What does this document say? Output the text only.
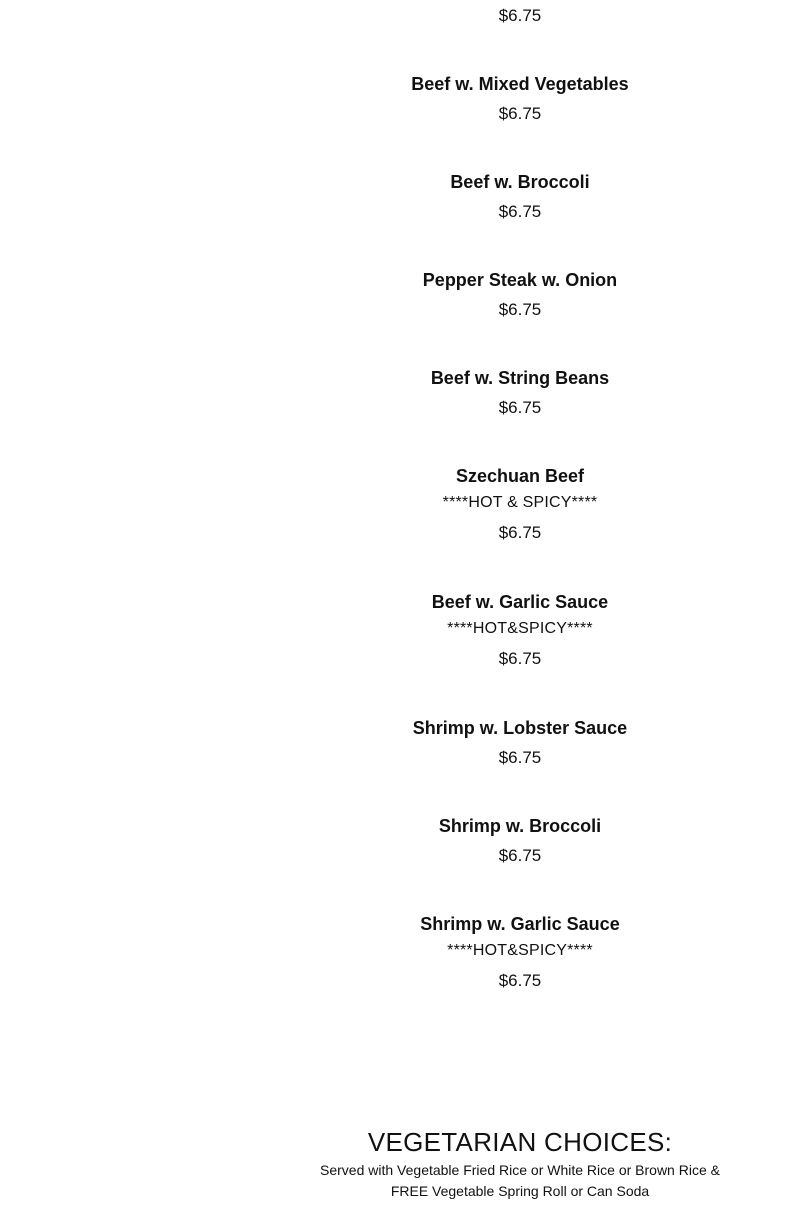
$6.75
Beef w. Mixed Vegetables
$6.75
Beef w. Broccoli
$6.75
Pepper Steak w. Onion
$6.75
Beef w. String Beans
$6.75
Szechuan Beef
****HOT & SPICY****
$6.75
Beef w. Garlic Sauce
****HOT&SPICY****
$6.75
Shrimp w. Lobster Sauce
$6.75
Shrimp w. Broccoli
$6.75
Shrimp w. Garlic Sauce
****HOT&SPICY****
$6.75
VEGETARIAN CHOICES:
Served with Vegetable Fried Rice or White Rice or Brown Rice & FREE Vegetable Spring Roll or Can Soda
